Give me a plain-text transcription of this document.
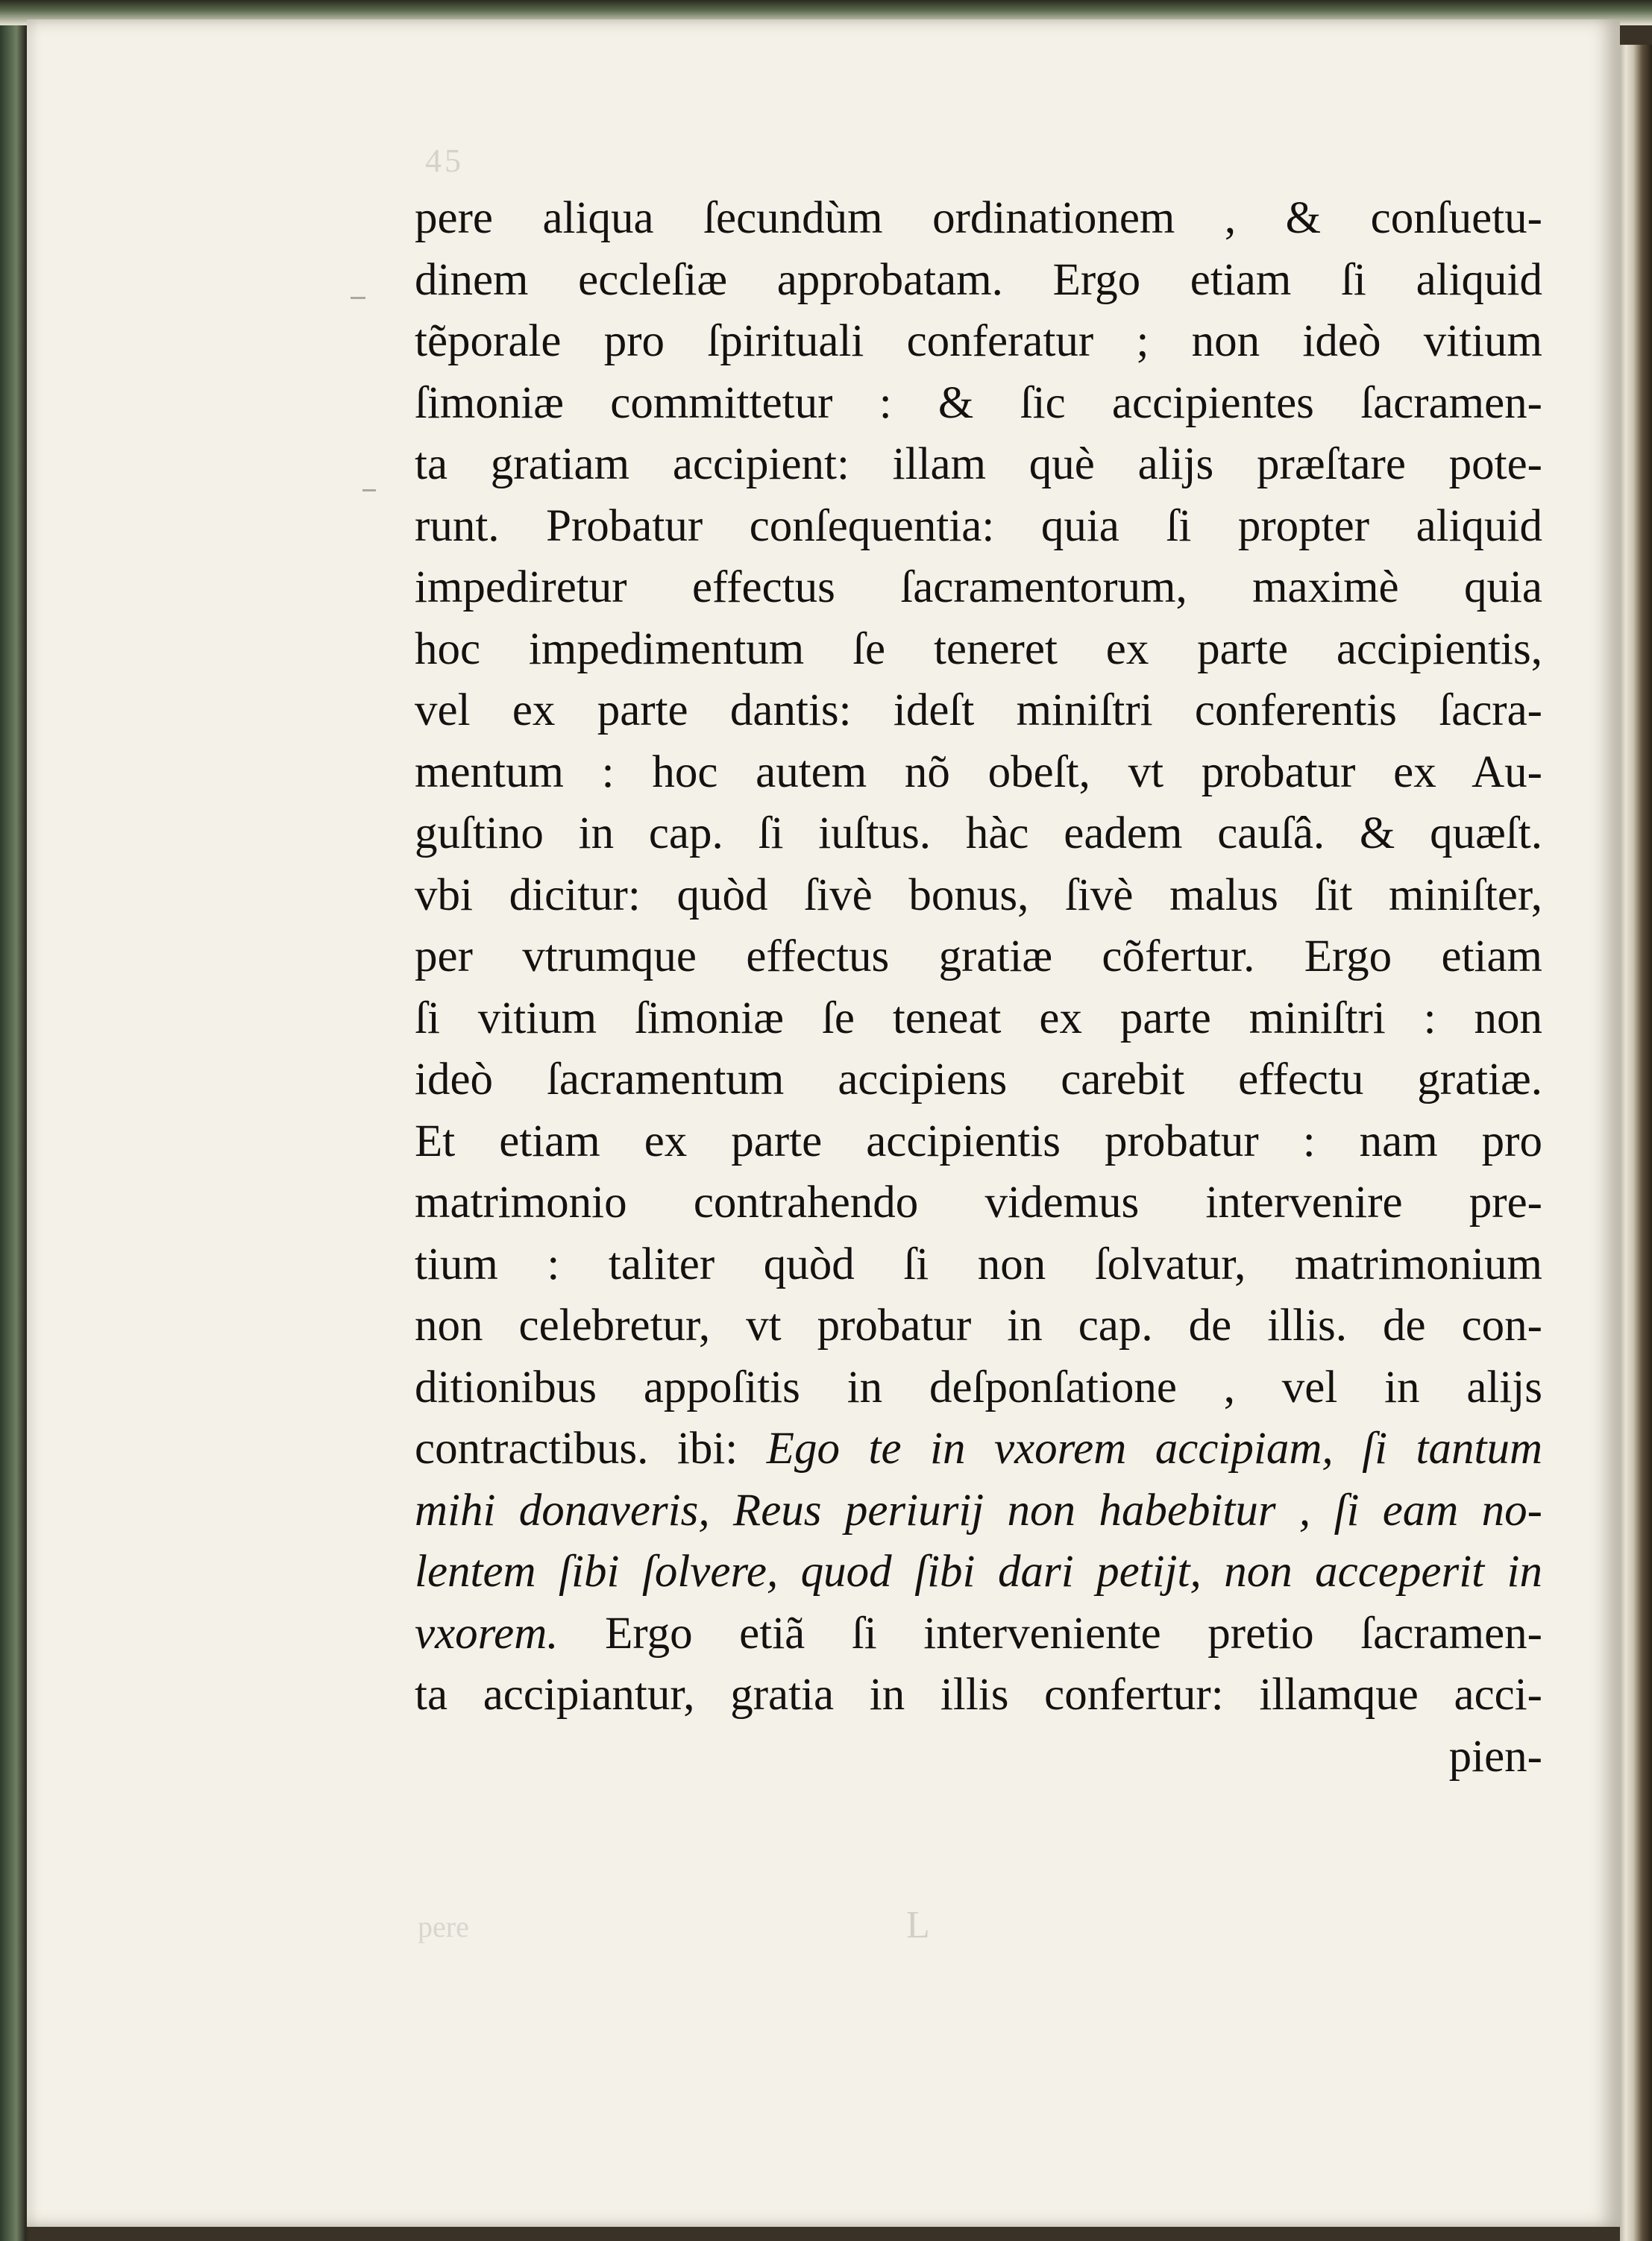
45
pere	L
pere aliqua ſecundùm ordinationem , & conſuetu-
dinem eccleſiæ approbatam. Ergo etiam ſi aliquid
tẽporale pro ſpirituali conferatur ; non ideò vitium
ſimoniæ committetur : & ſic accipientes ſacramen-
ta gratiam accipient: illam què alijs præſtare pote-
runt. Probatur conſequentia: quia ſi propter aliquid
impediretur effectus ſacramentorum, maximè quia
hoc impedimentum ſe teneret ex parte accipientis,
vel ex parte dantis: ideſt miniſtri conferentis ſacra-
mentum : hoc autem nõ obeſt, vt probatur ex Au-
guſtino in cap. ſi iuſtus. hàc eadem cauſâ. & quæſt.
vbi dicitur: quòd ſivè bonus, ſivè malus ſit miniſter,
per vtrumque effectus gratiæ cõfertur. Ergo etiam
ſi vitium ſimoniæ ſe teneat ex parte miniſtri : non
ideò ſacramentum accipiens carebit effectu gratiæ.
Et etiam ex parte accipientis probatur : nam pro
matrimonio contrahendo videmus intervenire pre-
tium : taliter quòd ſi non ſolvatur, matrimonium
non celebretur, vt probatur in cap. de illis. de con-
ditionibus appoſitis in deſponſatione , vel in alijs
contractibus. ibi: Ego te in vxorem accipiam, ſi tantum
mihi donaveris, Reus periurij non habebitur , ſi eam no-
lentem ſibi ſolvere, quod ſibi dari petijt, non acceperit in
vxorem. Ergo etiã ſi interveniente pretio ſacramen-
ta accipiantur, gratia in illis confertur: illamque acci-
pien-
